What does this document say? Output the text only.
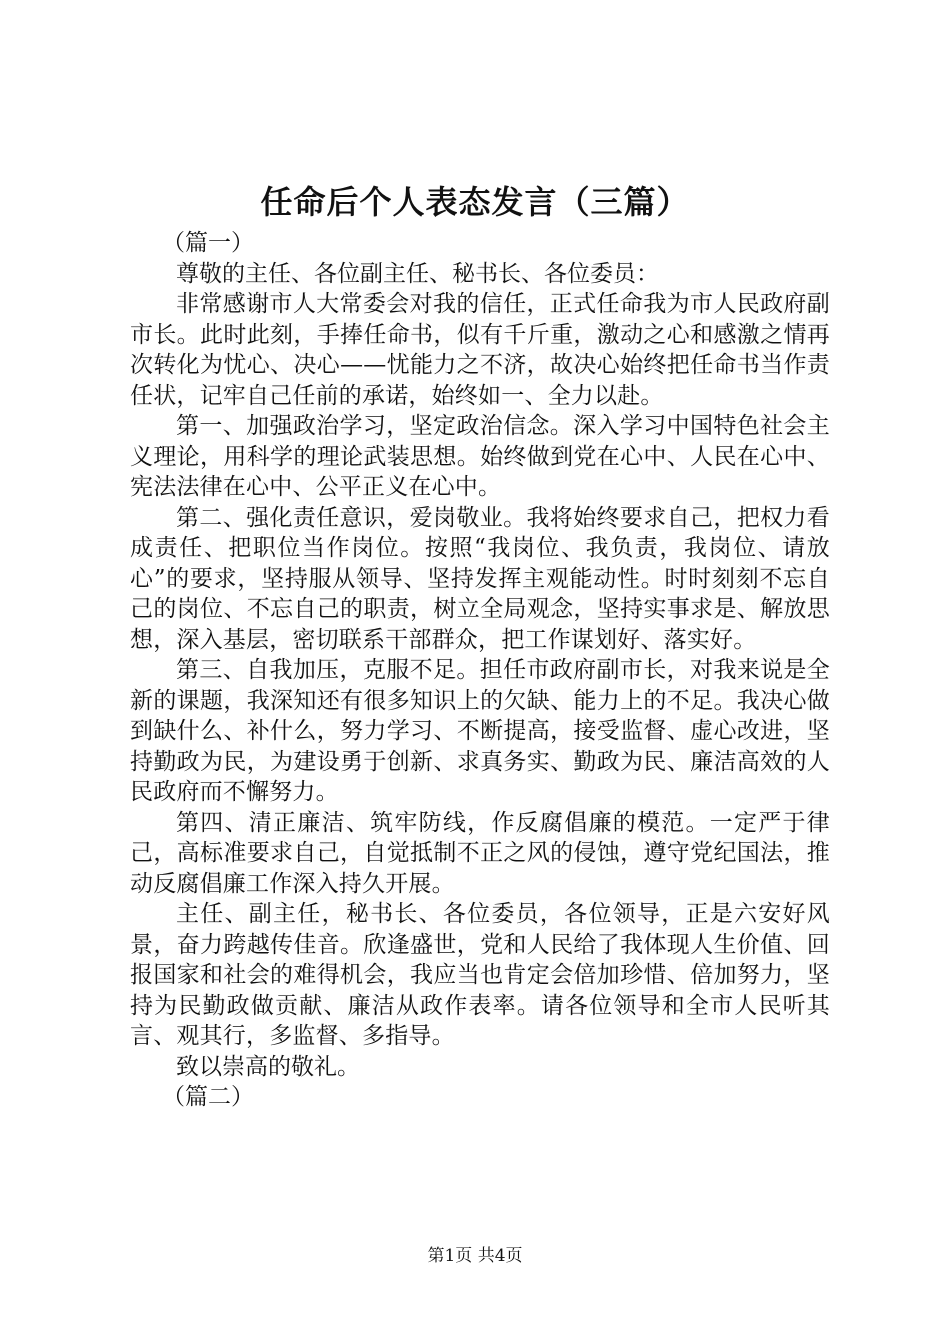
任命后个人表态发言（三篇）

（篇一）

尊敬的主任、各位副主任、秘书长、各位委员：

非常感谢市人大常委会对我的信任，正式任命我为市人民政府副市长。此时此刻，手捧任命书，似有千斤重，激动之心和感激之情再次转化为忧心、决心——忧能力之不济，故决心始终把任命书当作责任状，记牢自己任前的承诺，始终如一、全力以赴。

第一、加强政治学习，坚定政治信念。深入学习中国特色社会主义理论，用科学的理论武装思想。始终做到党在心中、人民在心中、宪法法律在心中、公平正义在心中。

第二、强化责任意识，爱岗敬业。我将始终要求自己，把权力看成责任、把职位当作岗位。按照“我岗位、我负责，我岗位、请放心”的要求，坚持服从领导、坚持发挥主观能动性。时时刻刻不忘自己的岗位、不忘自己的职责，树立全局观念，坚持实事求是、解放思想，深入基层，密切联系干部群众，把工作谋划好、落实好。

第三、自我加压，克服不足。担任市政府副市长，对我来说是全新的课题，我深知还有很多知识上的欠缺、能力上的不足。我决心做到缺什么、补什么，努力学习、不断提高，接受监督、虚心改进，坚持勤政为民，为建设勇于创新、求真务实、勤政为民、廉洁高效的人民政府而不懈努力。

第四、清正廉洁、筑牢防线，作反腐倡廉的模范。一定严于律己，高标准要求自己，自觉抵制不正之风的侵蚀，遵守党纪国法，推动反腐倡廉工作深入持久开展。

主任、副主任，秘书长、各位委员，各位领导，正是六安好风景，奋力跨越传佳音。欣逢盛世，党和人民给了我体现人生价值、回报国家和社会的难得机会，我应当也肯定会倍加珍惜、倍加努力，坚持为民勤政做贡献、廉洁从政作表率。请各位领导和全市人民听其言、观其行，多监督、多指导。

致以崇高的敬礼。

（篇二）

第1页 共4页
